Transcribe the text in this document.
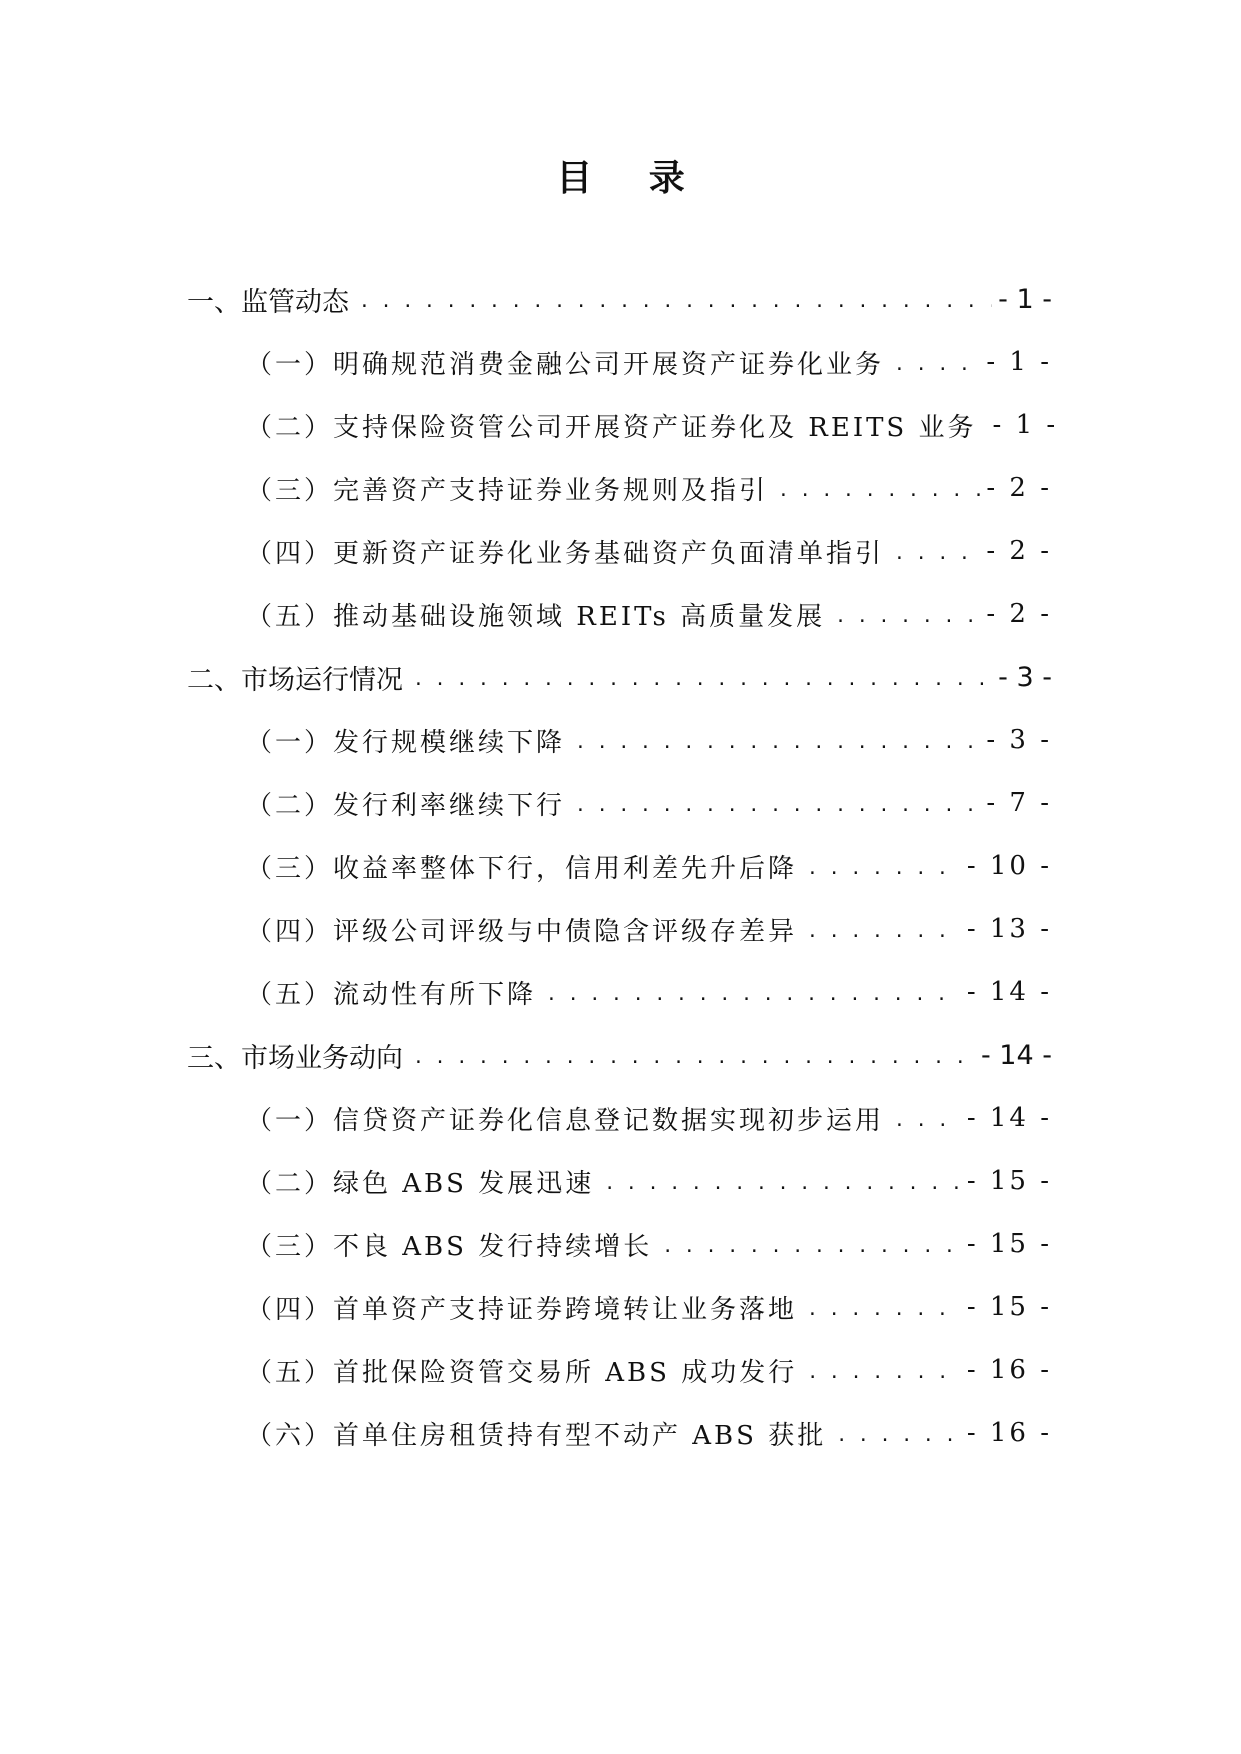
目 录
一、监管动态 . . .	- 1 -
（一）明确规范消费金融公司开展资产证券化业务 . . .	- 1 -
（二）支持保险资管公司开展资产证券化及 REITS 业务 - 1 -
（三）完善资产支持证券业务规则及指引 . . .	- 2 -
（四）更新资产证券化业务基础资产负面清单指引 . . .	- 2 -
（五）推动基础设施领域 REITs 高质量发展 . . .	- 2 -
二、市场运行情况 . . .	- 3 -
（一）发行规模继续下降 . . .	- 3 -
（二）发行利率继续下行 . . .	- 7 -
（三）收益率整体下行，信用利差先升后降 . . .	- 10 -
（四）评级公司评级与中债隐含评级存差异 . . .	- 13 -
（五）流动性有所下降 . . .	- 14 -
三、市场业务动向 . . .	- 14 -
（一）信贷资产证券化信息登记数据实现初步运用 . . .	- 14 -
（二）绿色 ABS 发展迅速 . . .	- 15 -
（三）不良 ABS 发行持续增长 . . .	- 15 -
（四）首单资产支持证券跨境转让业务落地 . . .	- 15 -
（五）首批保险资管交易所 ABS 成功发行 . . .	- 16 -
（六）首单住房租赁持有型不动产 ABS 获批 . . .	- 16 -
